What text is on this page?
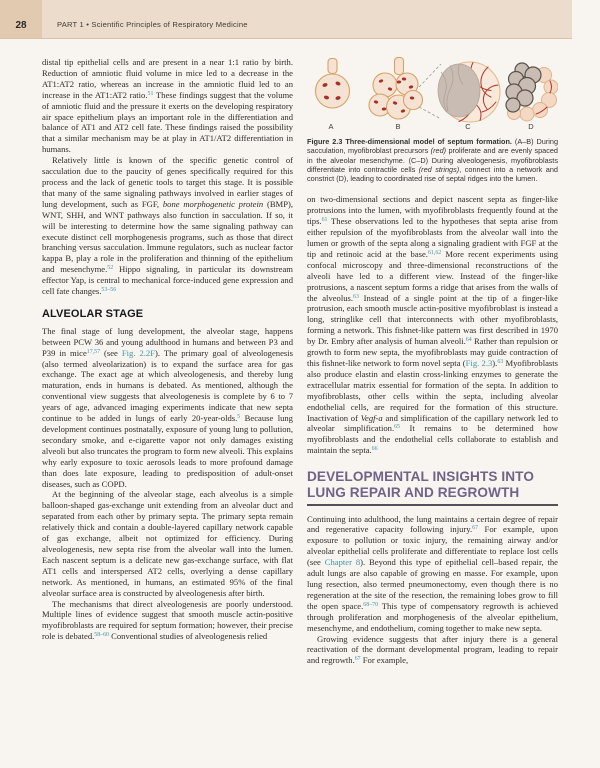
28	PART 1 • Scientific Principles of Respiratory Medicine

distal tip epithelial cells and are present in a near 1:1 ratio by birth. Reduction of amniotic fluid volume in mice led to a decrease in the AT1:AT2 ratio, whereas an increase in the amniotic fluid led to an increase in the AT1:AT2 ratio.$^{51}$ These findings suggest that the volume of amniotic fluid and the pressure it exerts on the developing respiratory air space epithelium plays an important role in the differentiation and balance of AT1 and AT2 cell fate. These findings raised the possibility that a similar mechanism may be at play in AT1/AT2 differentiation in humans.

Relatively little is known of the specific genetic control of sacculation due to the paucity of genes specifically required for this process and the lack of genetic tools to target this stage. It is possible that many of the same signaling pathways involved in earlier stages of lung development, such as FGF, bone morphogenetic protein (BMP), WNT, SHH, and WNT pathways also function in sacculation. If so, it will be interesting to determine how the same signaling pathway can execute distinct cell morphogenesis programs, such as those that direct branching versus sacculation. Immune regulators, such as nuclear factor kappa B, play a role in the proliferation and thinning of the epithelium and mesenchyme.$^{52}$ Hippo signaling, in particular its downstream effector Yap, is central to mechanical force-induced gene expression and cell fate changes.$^{53-56}$

ALVEOLAR STAGE

The final stage of lung development, the alveolar stage, happens between PCW 36 and young adulthood in humans and between P3 and P39 in mice$^{17,57}$ (see Fig. 2.2F). The primary goal of alveologenesis (also termed alveolarization) is to expand the surface area for gas exchange. The exact age at which alveologenesis, and thereby lung maturation, ends in humans is debated. As mentioned, although the conventional view suggests that alveologenesis is complete by 6 to 7 years of age, advanced imaging experiments indicate that new septa continue to be added in lungs of early 20-year-olds.$^5$ Because lung development continues postnatally, exposure of young lung to pollution, secondary smoke, and e-cigarette vapor not only damages existing alveoli but also truncates the program to form new alveoli. This explains why early exposure to toxic aerosols leads to more profound damage than does late exposure, leading to predisposition of adult-onset diseases, such as COPD.

At the beginning of the alveolar stage, each alveolus is a simple balloon-shaped gas-exchange unit extending from an alveolar duct and separated from each other by primary septa. The primary septa remain relatively thick and contain a double-layered capillary network capable of gas exchange, albeit not optimized for efficiency. During alveologenesis, new septa rise from the alveolar wall into the lumen. Each nascent septum is a delicate new gas-exchange surface, with flat AT1 cells and interspersed AT2 cells, overlying a dense capillary network. As mentioned, in humans, an estimated 95% of the final alveolar surface area is constructed by alveologenesis after birth.

The mechanisms that direct alveologenesis are poorly understood. Multiple lines of evidence suggest that smooth muscle actin-positive myofibroblasts are required for septum formation; however, their precise role is debated.$^{58-60}$ Conventional studies of alveologenesis relied

A	B	C	D

Figure 2.3 Three-dimensional model of septum formation. (A–B) During sacculation, myofibroblast precursors (red) proliferate and are evenly spaced in the alveolar mesenchyme. (C–D) During alveologenesis, myofibroblasts differentiate into contractile cells (red strings), connect into a network and constrict (D), leading to coordinated rise of septal ridges into the lumen.

on two-dimensional sections and depict nascent septa as finger-like protrusions into the lumen, with myofibroblasts frequently found at the tips.$^{61}$ These observations led to the hypotheses that septa arise from either repulsion of the myofibroblasts from the alveolar wall into the lumen or growth of the septa along a signaling gradient with FGF at the tip and retinoic acid at the base.$^{61,62}$ More recent experiments using confocal microscopy and three-dimensional reconstructions of the alveoli have led to a different view. Instead of the finger-like protrusions, a nascent septum forms a ridge that arises from the walls of the alveolus.$^{63}$ Instead of a single point at the tip of a finger-like protrusion, each smooth muscle actin-positive myofibroblast is instead a long, stringlike cell that interconnects with other myofibroblasts, forming a network. This fishnet-like pattern was first described in 1970 by Dr. Embry after analysis of human alveoli.$^{64}$ Rather than repulsion or growth to form new septa, the myofibroblasts may guide contraction of this fishnet-like network to form novel septa (Fig. 2.3).$^{63}$ Myofibroblasts also produce elastin and elastin cross-linking enzymes to generate the extracellular matrix essential for formation of the septa. In addition to myofibroblasts, other cells within the septa, including alveolar endothelial cells, are required for the formation of this structure. Inactivation of Vegf-a and simplification of the capillary network led to alveolar simplification.$^{65}$ It remains to be determined how myofibroblasts and the endothelial cells collaborate to establish and maintain the septa.$^{66}$

DEVELOPMENTAL INSIGHTS INTO LUNG REPAIR AND REGROWTH

Continuing into adulthood, the lung maintains a certain degree of repair and regenerative capacity following injury.$^{67}$ For example, upon exposure to pollution or toxic injury, the remaining airway and/or alveolar epithelial cells proliferate and differentiate to replace lost cells (see Chapter 8). Beyond this type of epithelial cell–based repair, the adult lungs are also capable of growing en masse. For example, upon lung resection, also termed pneumonectomy, even though there is no regeneration at the site of the resection, the remaining lobes grow to fill the open space.$^{68-70}$ This type of compensatory regrowth is achieved through proliferation and morphogenesis of the alveolar epithelium, mesenchyme, and endothelium, coming together to make new septa.

Growing evidence suggests that after injury there is a general reactivation of the dormant developmental program, leading to repair and regrowth.$^{67}$ For example,
